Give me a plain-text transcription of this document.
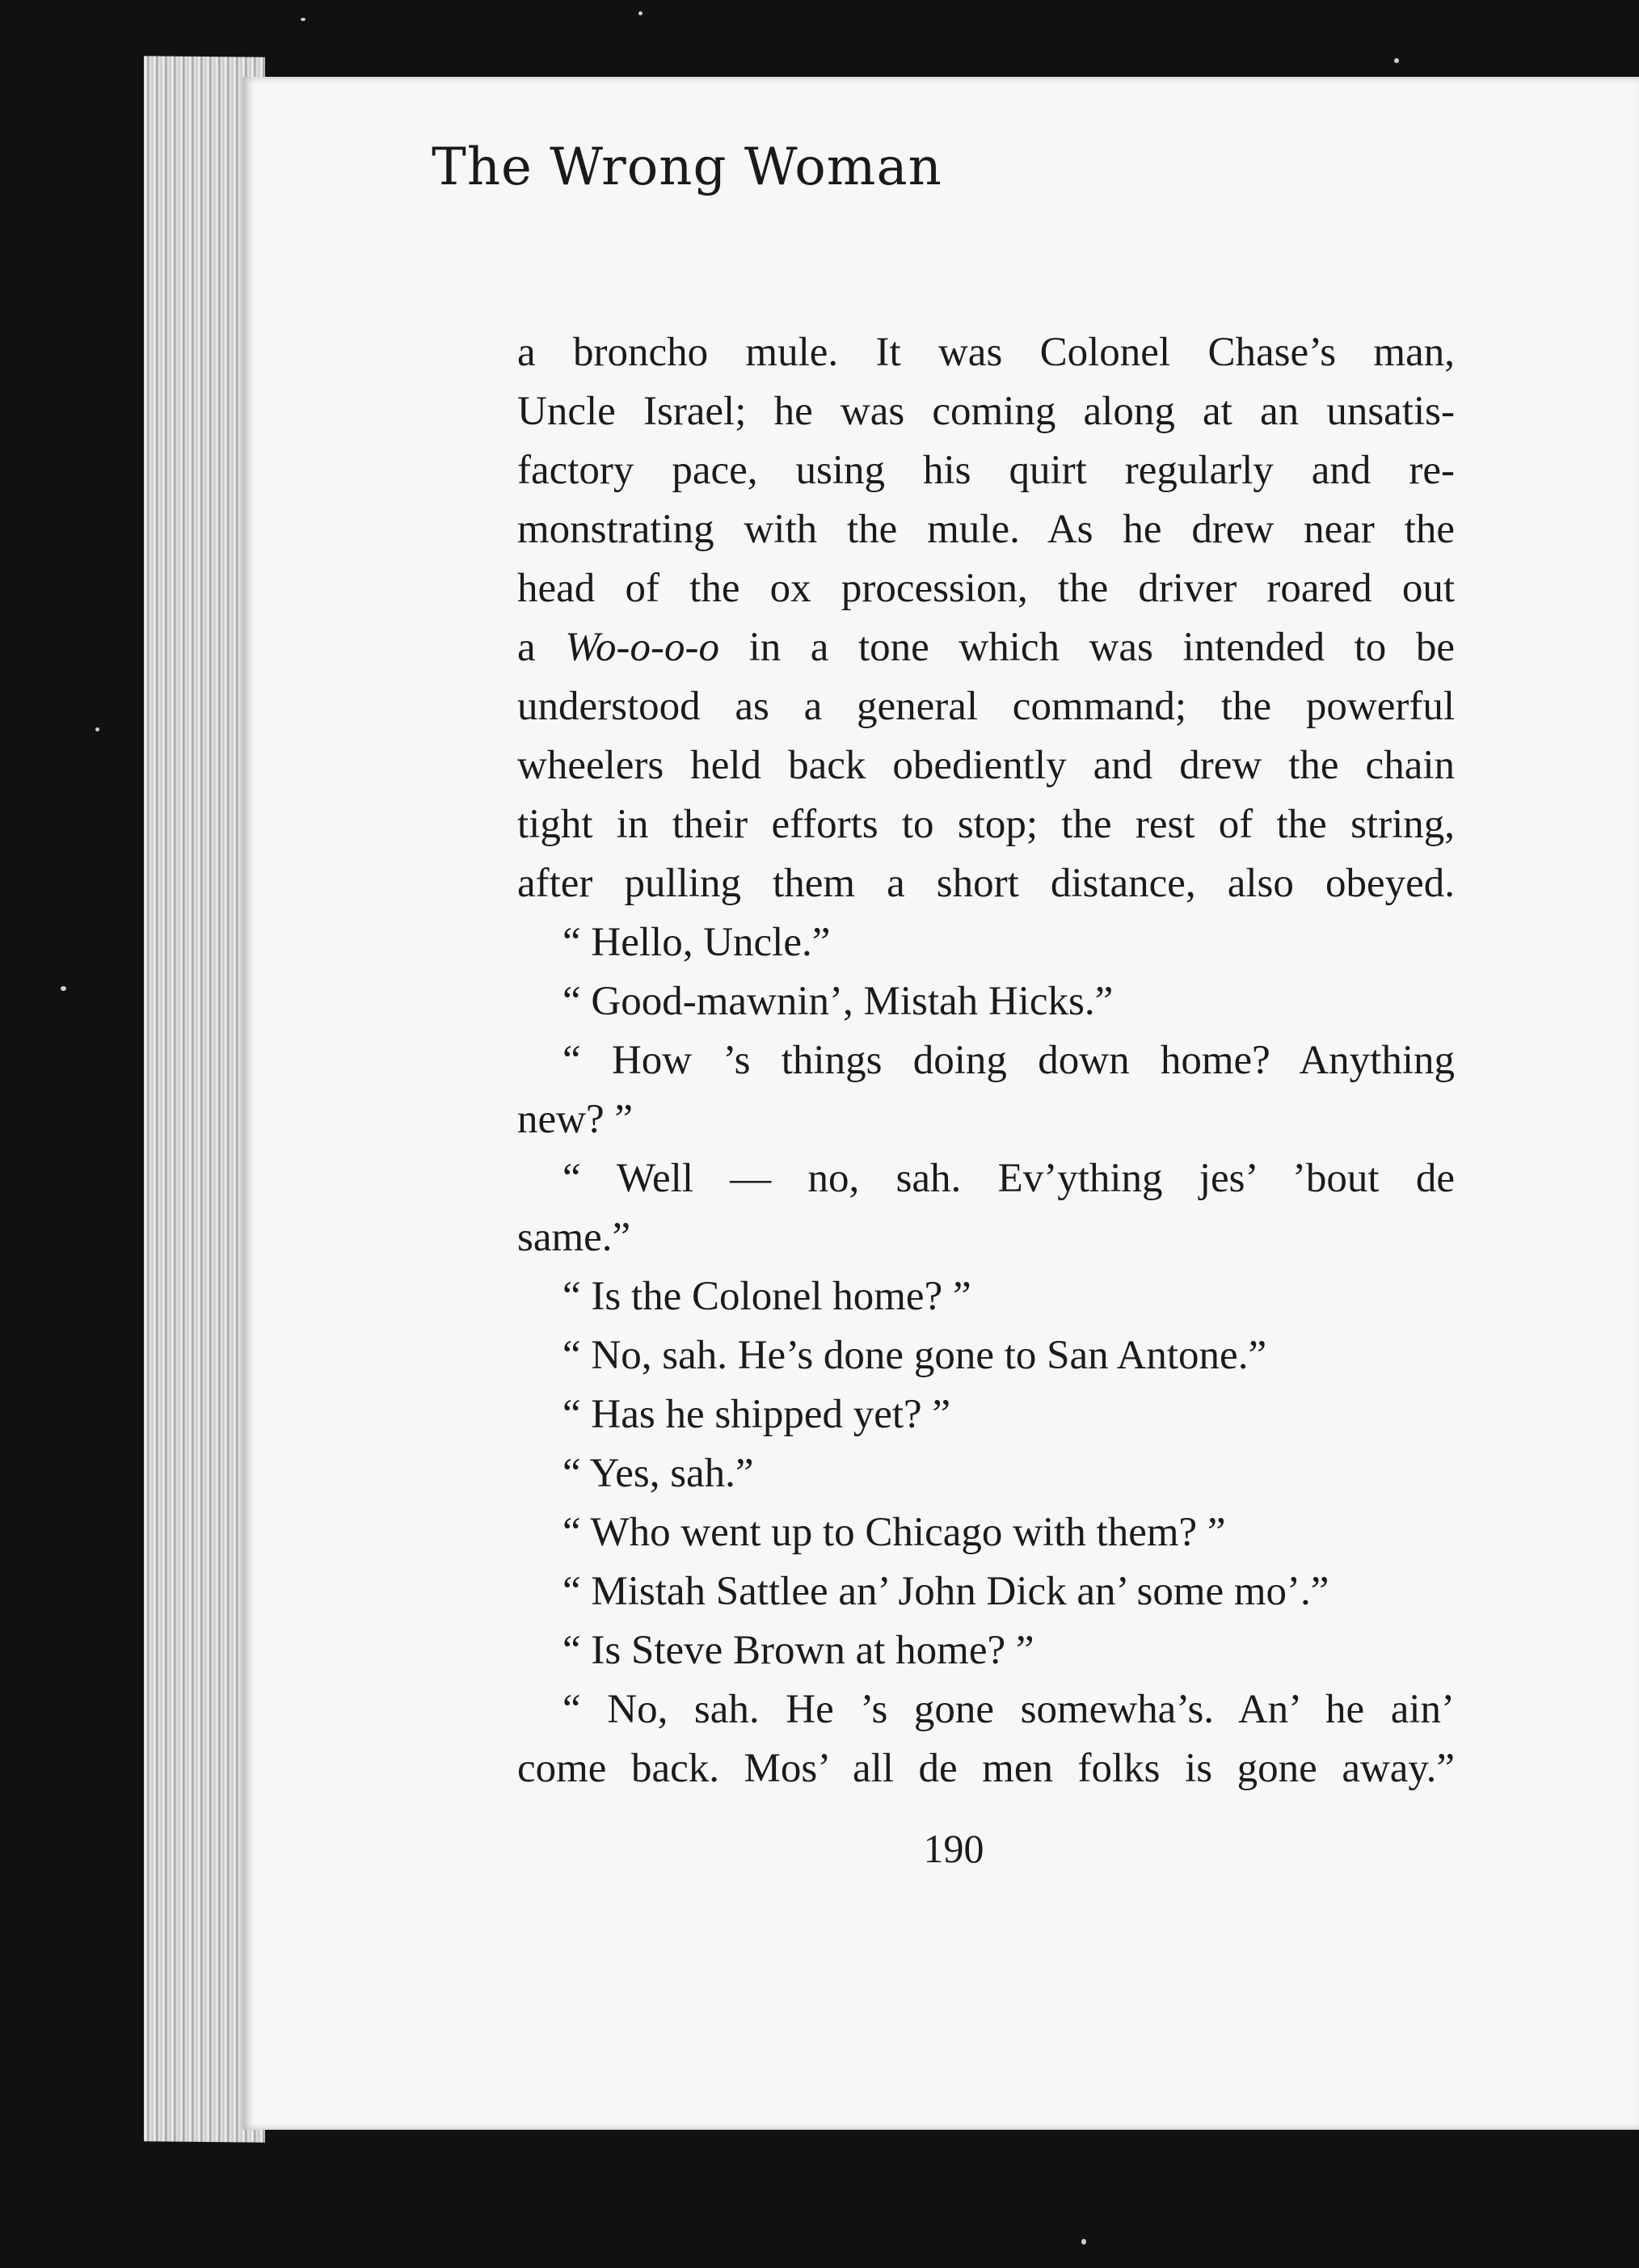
The Wrong Woman

a broncho mule. It was Colonel Chase’s man,

Uncle Israel; he was coming along at an unsatis-

factory pace, using his quirt regularly and re-

monstrating with the mule. As he drew near the

head of the ox procession, the driver roared out

a Wo-o-o-o in a tone which was intended to be

understood as a general command; the powerful

wheelers held back obediently and drew the chain

tight in their efforts to stop; the rest of the string,

after pulling them a short distance, also obeyed.

“ Hello, Uncle.”

“ Good-mawnin’, Mistah Hicks.”

“ How ’s things doing down home? Anything

new? ”

“ Well — no, sah. Ev’ything jes’ ’bout de

same.”

“ Is the Colonel home? ”

“ No, sah. He’s done gone to San Antone.”

“ Has he shipped yet? ”

“ Yes, sah.”

“ Who went up to Chicago with them? ”

“ Mistah Sattlee an’ John Dick an’ some mo’.”

“ Is Steve Brown at home? ”

“ No, sah. He ’s gone somewha’s. An’ he ain’

come back. Mos’ all de men folks is gone away.”

190
